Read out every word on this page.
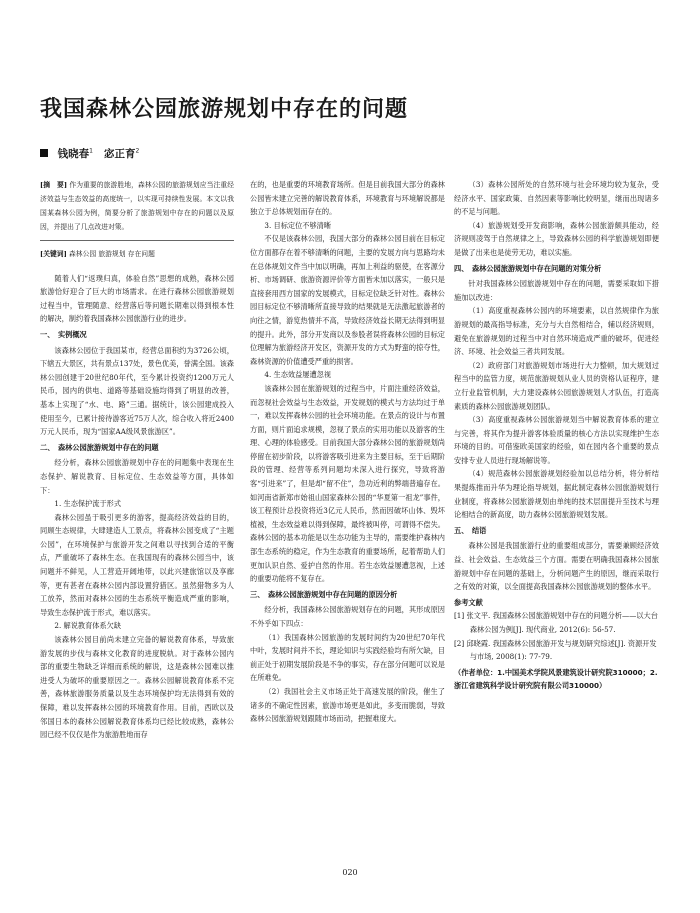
我国森林公园旅游规划中存在的问题
钱晓春$^1$ 宓正育$^2$

[摘　要] 作为重要的旅游胜地，森林公园的旅游规划应当注重经济效益与生态效益的高度统一，以实现可持续性发展。本文以我国某森林公园为例，简要分析了旅游规划中存在的问题以及原因，并提出了几点改进对策。

[关键词] 森林公园 旅游规划 存在问题

随着人们“返璞归真，体验自然”思想的成熟，森林公园旅游恰好迎合了巨大的市场需求。在进行森林公园旅游规划过程当中，管理随意、经营落后等问题长期难以得到根本性的解决，制约着我国森林公园旅游行业的进步。

一、　实例概况

该森林公园位于我国某市，经营总面积约为3726公顷，下辖五大景区，共有景点137处，景色优美，誉满全国。该森林公园创建于20世纪80年代，至今累计投资约1200万元人民币，园内的供电、道路等基础设施均得到了明显的改善，基本上实现了“水、电、路”三通。据统计，该公园建成投入使用至今，已累计接待游客近75万人次，综合收入将近2400万元人民币，现为“国家AA级风景旅游区”。

二、　森林公园旅游规划中存在的问题

经分析，森林公园旅游规划中存在的问题集中表现在生态保护、解说教育、目标定位、生态效益等方面，具体如下：

1. 生态保护流于形式

森林公园虽于吸引更多的游客，提高经济效益的目的，同顾生态规律，大肆建造人工景点，将森林公园变成了“主题公园”，在环境保护与旅游开发之间难以寻找到合适的平衡点，严重破坏了森林生态。在我国现有的森林公园当中，该问题并不鲜见，人工营造开阔地带，以此兴建旅馆以及享廊等，更有甚者在森林公园内部设置狩猎区。虽然猎物多为人工放养，然而对森林公园的生态系统平衡造成严重的影响，导致生态保护流于形式，难以落实。

2. 解说教育体系欠缺

该森林公园目前尚未建立完备的解说教育体系，导致旅游发展的步伐与森林文化教育的进度脱轨。对于森林公园内部的重要生物缺乏详细而系统的解说，这是森林公园难以推进受人为破坏的重要原因之一。森林公园解说教育体系不完善，森林旅游服务质量以及生态环境保护均无法得到有效的保障，难以发挥森林公园的环境教育作用。目前，西欧以及邻国日本的森林公园解说教育体系均已经比较成熟，森林公园已经不仅仅是作为旅游胜地而存

在的，也是重要的环境教育场所。但是目前我国大部分的森林公园皆未建立完善的解说教育体系，环境教育与环境解说都是独立于总体规划而存在的。

3. 目标定位不够清晰

不仅是该森林公园，我国大部分的森林公园目前在目标定位方面都存在着不够清晰的问题，主要的发展方向与思路均未在总体规划文件当中加以明确，再加上利益的驱使，在客源分析、市场调研、旅游资源评价等方面皆未加以落实，一般只是直接套用西方国家的发展模式，目标定位缺乏针对性。森林公园目标定位不够清晰所直接导致的结果就是无法激起旅游者的向往之情，游览热情并不高，导致经济效益长期无法得到明显的提升。此外，部分开发商以及参股者误将森林公园的目标定位理解为旅游经济开发区，资源开发的方式为野蛮的掠夺性，森林资源的价值遭受严重的损害。

4. 生态效益屡遭忽视

该森林公园在旅游规划的过程当中，片面注重经济效益，而忽视社会效益与生态效益，开发规划的模式与方法均过于单一，难以发挥森林公园的社会环境功能。在景点的设计与布置方面，则片面追求规模，忽视了景点的实用功能以及游客的生理、心理的体验感受。目前我国大部分森林公园的旅游规划尚停留在初步阶段，以将游客吸引进来为主要目标，至于后期阶段的管理、经营等系列问题均未深入进行探究，导致将游客“引进来”了，但是却“留不住”，急功近利的弊端普遍存在。如河南省新郑市始祖山国家森林公园的“华夏第一祖龙”事件，该工程预计总投资将近3亿元人民币，然而因破坏山体、毁坏植被，生态效益难以得到保障，最终被叫停，可谓得不偿失。森林公园的基本功能是以生态功能为主导的，需要维护森林内部生态系统的稳定，作为生态教育的重要场所，起着帮助人们更加认识自然、爱护自然的作用。若生态效益屡遭忽视，上述的重要功能将不复存在。

三、　森林公园旅游规划中存在问题的原因分析

经分析，我国森林公园旅游规划存在的问题，其形成原因不外乎如下四点：

（1）我国森林公园旅游的发展时间约为20世纪70年代中叶，发展时间并不长，理论知识与实践经验均有所欠缺，目前正处于初期发展阶段是不争的事实，存在部分问题可以说是在所难免。

（2）我国社会主义市场正处于高速发展的阶段，催生了诸多的不确定性因素，旅游市场更是如此，多变而脆弱，导致森林公园旅游规划跟随市场而动，把握难度大。

（3）森林公园所处的自然环境与社会环境均较为复杂，受经济水平、国家政策、自然因素等影响比较明显，继而出现诸多的不足与问题。

（4）旅游规划受开发商影响，森林公园旅游颇具能动，经济规则凌驾于自然规律之上，导致森林公园的科学旅游规划即便是做了出来也是徒劳无功，难以实施。

四、　森林公园旅游规划中存在问题的对策分析

针对我国森林公园旅游规划中存在的问题，需要采取如下措施加以改进：

（1）高度重视森林公园内的环境要素，以自然规律作为旅游规划的最高指导标准，充分与大自然相结合，辅以经济规则，避免在旅游规划的过程当中对自然环境造成严重的破坏，促进经济、环境、社会效益三者共同发展。

（2）政府部门对旅游规划市场进行大力整顿，加大规划过程当中的监管力度，规范旅游规划从业人员的资格认证程序，建立行业监管机制，大力建设森林公园旅游规划人才队伍，打造高素质的森林公园旅游规划团队。

（3）高度重视森林公园旅游规划当中解说教育体系的建立与完善，将其作为提升游客体验质量的核心方法以实现维护生态环境的目的。可借鉴欧美国家的经验，如在园内各个重要的景点安排专业人员进行现场解说等。

（4）规范森林公园旅游规划经验加以总结分析，将分析结果提炼推而升华为理论指导规划，据此制定森林公园旅游规划行业制度，将森林公园旅游规划由单纯的技术层面提升至技术与理论相结合的新高度，助力森林公园旅游规划发展。

五、　结语

森林公园是我国旅游行业的重要组成部分，需要兼顾经济效益、社会效益、生态效益三个方面。需要在明确我国森林公园旅游规划中存在问题的基础上，分析问题产生的原因，继而采取行之有效的对策，以全面提高我国森林公园旅游规划的整体水平。

参考文献

[1] 张文平. 我国森林公园旅游规划中存在的问题分析——以大台森林公园为例[J]. 现代商业, 2012(6): 56-57.

[2] 邱晓霞. 我国森林公园旅游开发与规划研究综述[J]. 资源开发与市场, 2008(1): 77-79.

（作者单位：1.中国美术学院风景建筑设计研究院310000；2.浙江省建筑科学设计研究院有限公司310000）

020
